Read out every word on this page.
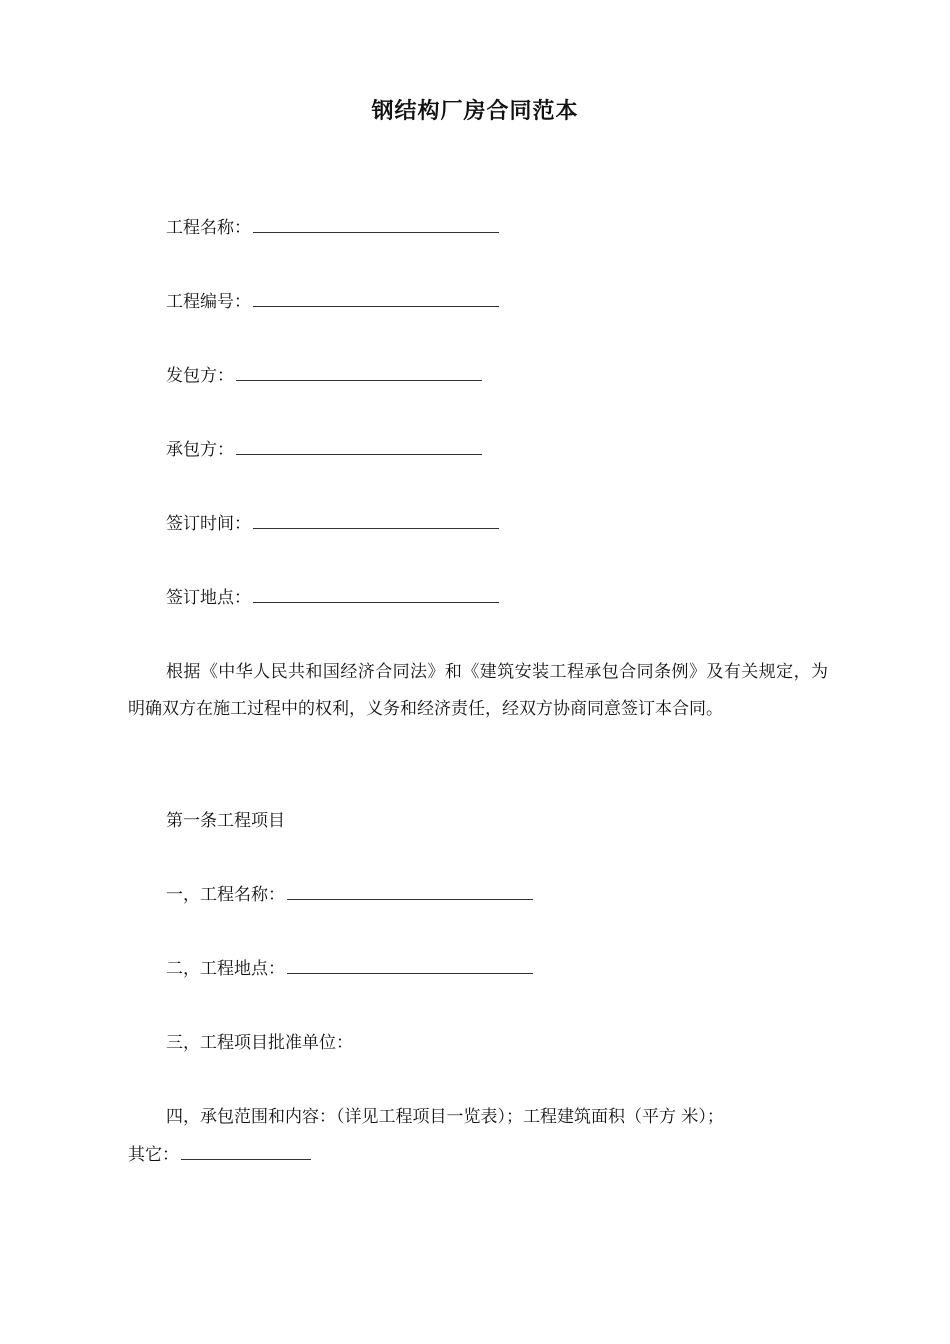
钢结构厂房合同范本
工程名称：
工程编号：
发包方：
承包方：
签订时间：
签订地点：
根据《中华人民共和国经济合同法》和《建筑安装工程承包合同条例》及有关规定，为明确双方在施工过程中的权利，义务和经济责任，经双方协商同意签订本合同。
第一条工程项目
一，工程名称：
二，工程地点：
三，工程项目批准单位：
四，承包范围和内容：（详见工程项目一览表）；工程建筑面积（平方 米）；
其它：
